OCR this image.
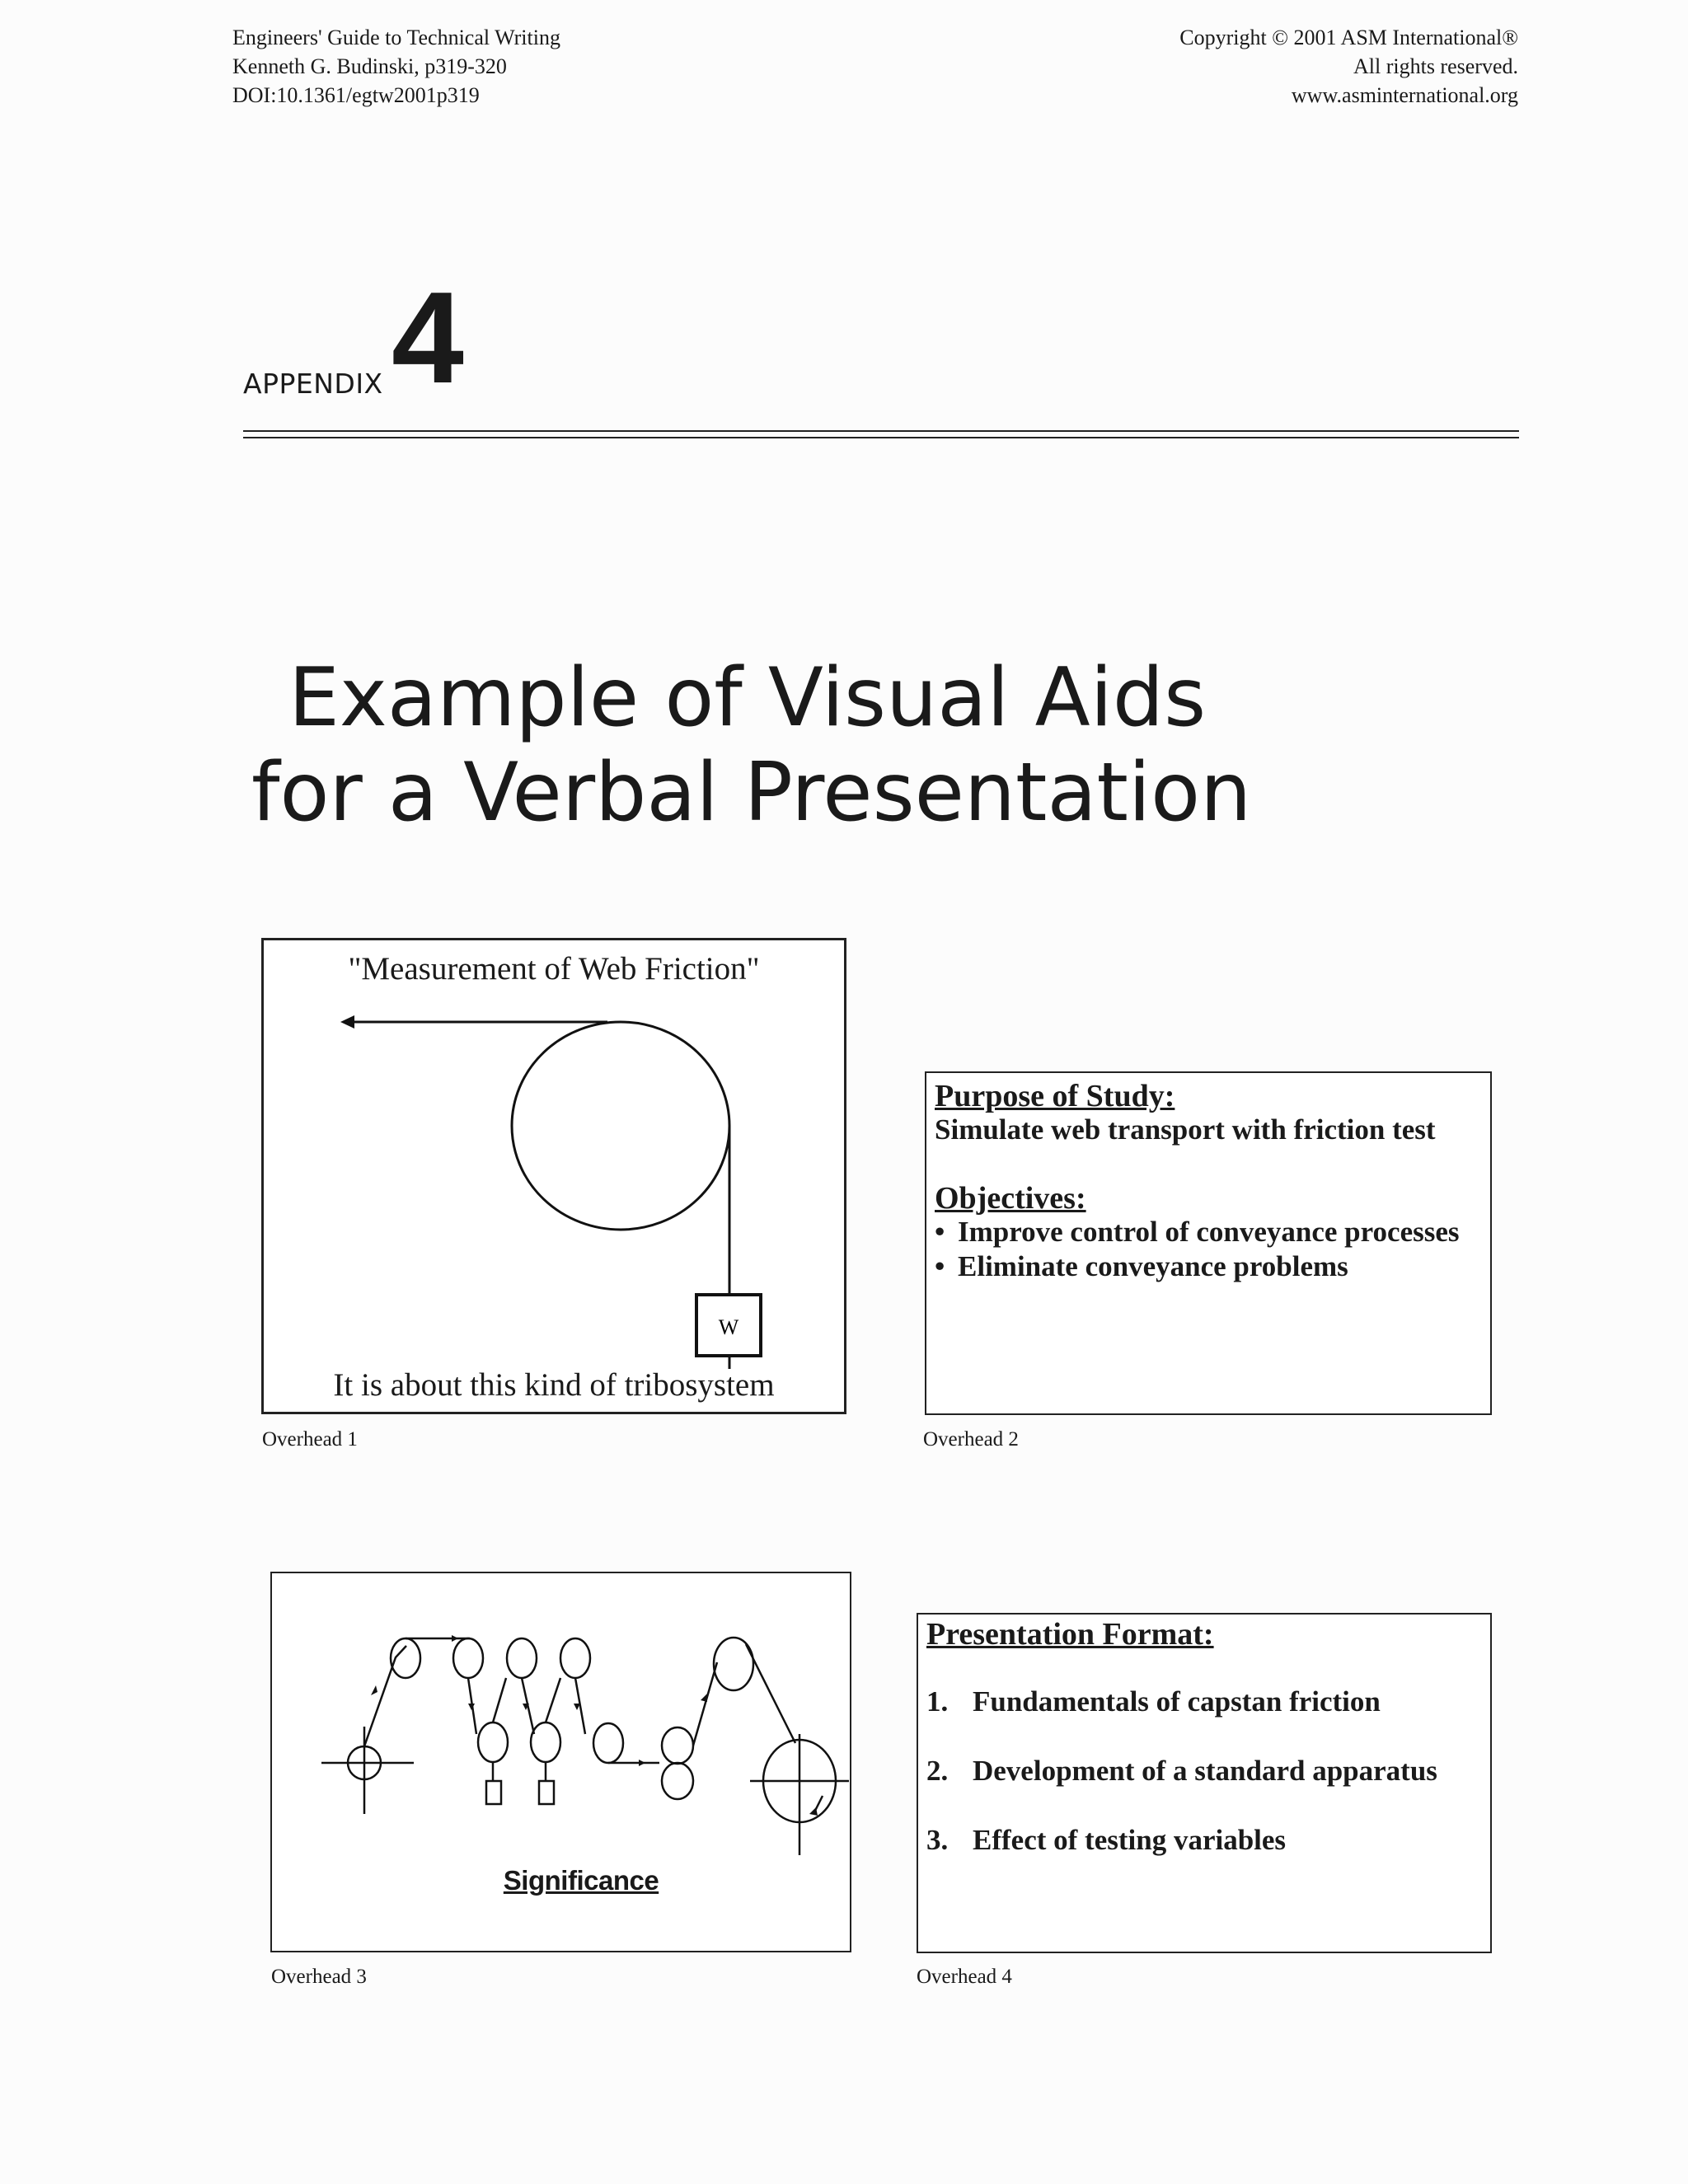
Engineers' Guide to Technical Writing
Kenneth G. Budinski, p319-320
DOI:10.1361/egtw2001p319
Copyright © 2001 ASM International®
All rights reserved.
www.asminternational.org
APPENDIX 4
Example of Visual Aids
for a Verbal Presentation
W
"Measurement of Web Friction"
It is about this kind of tribosystem
Overhead 1
Purpose of Study:
Simulate web transport with friction test
Objectives:
• Improve control of conveyance processes
• Eliminate conveyance problems
Overhead 2
Significance
Overhead 3
Presentation Format:
1. Fundamentals of capstan friction
2. Development of a standard apparatus
3. Effect of testing variables
Overhead 4
